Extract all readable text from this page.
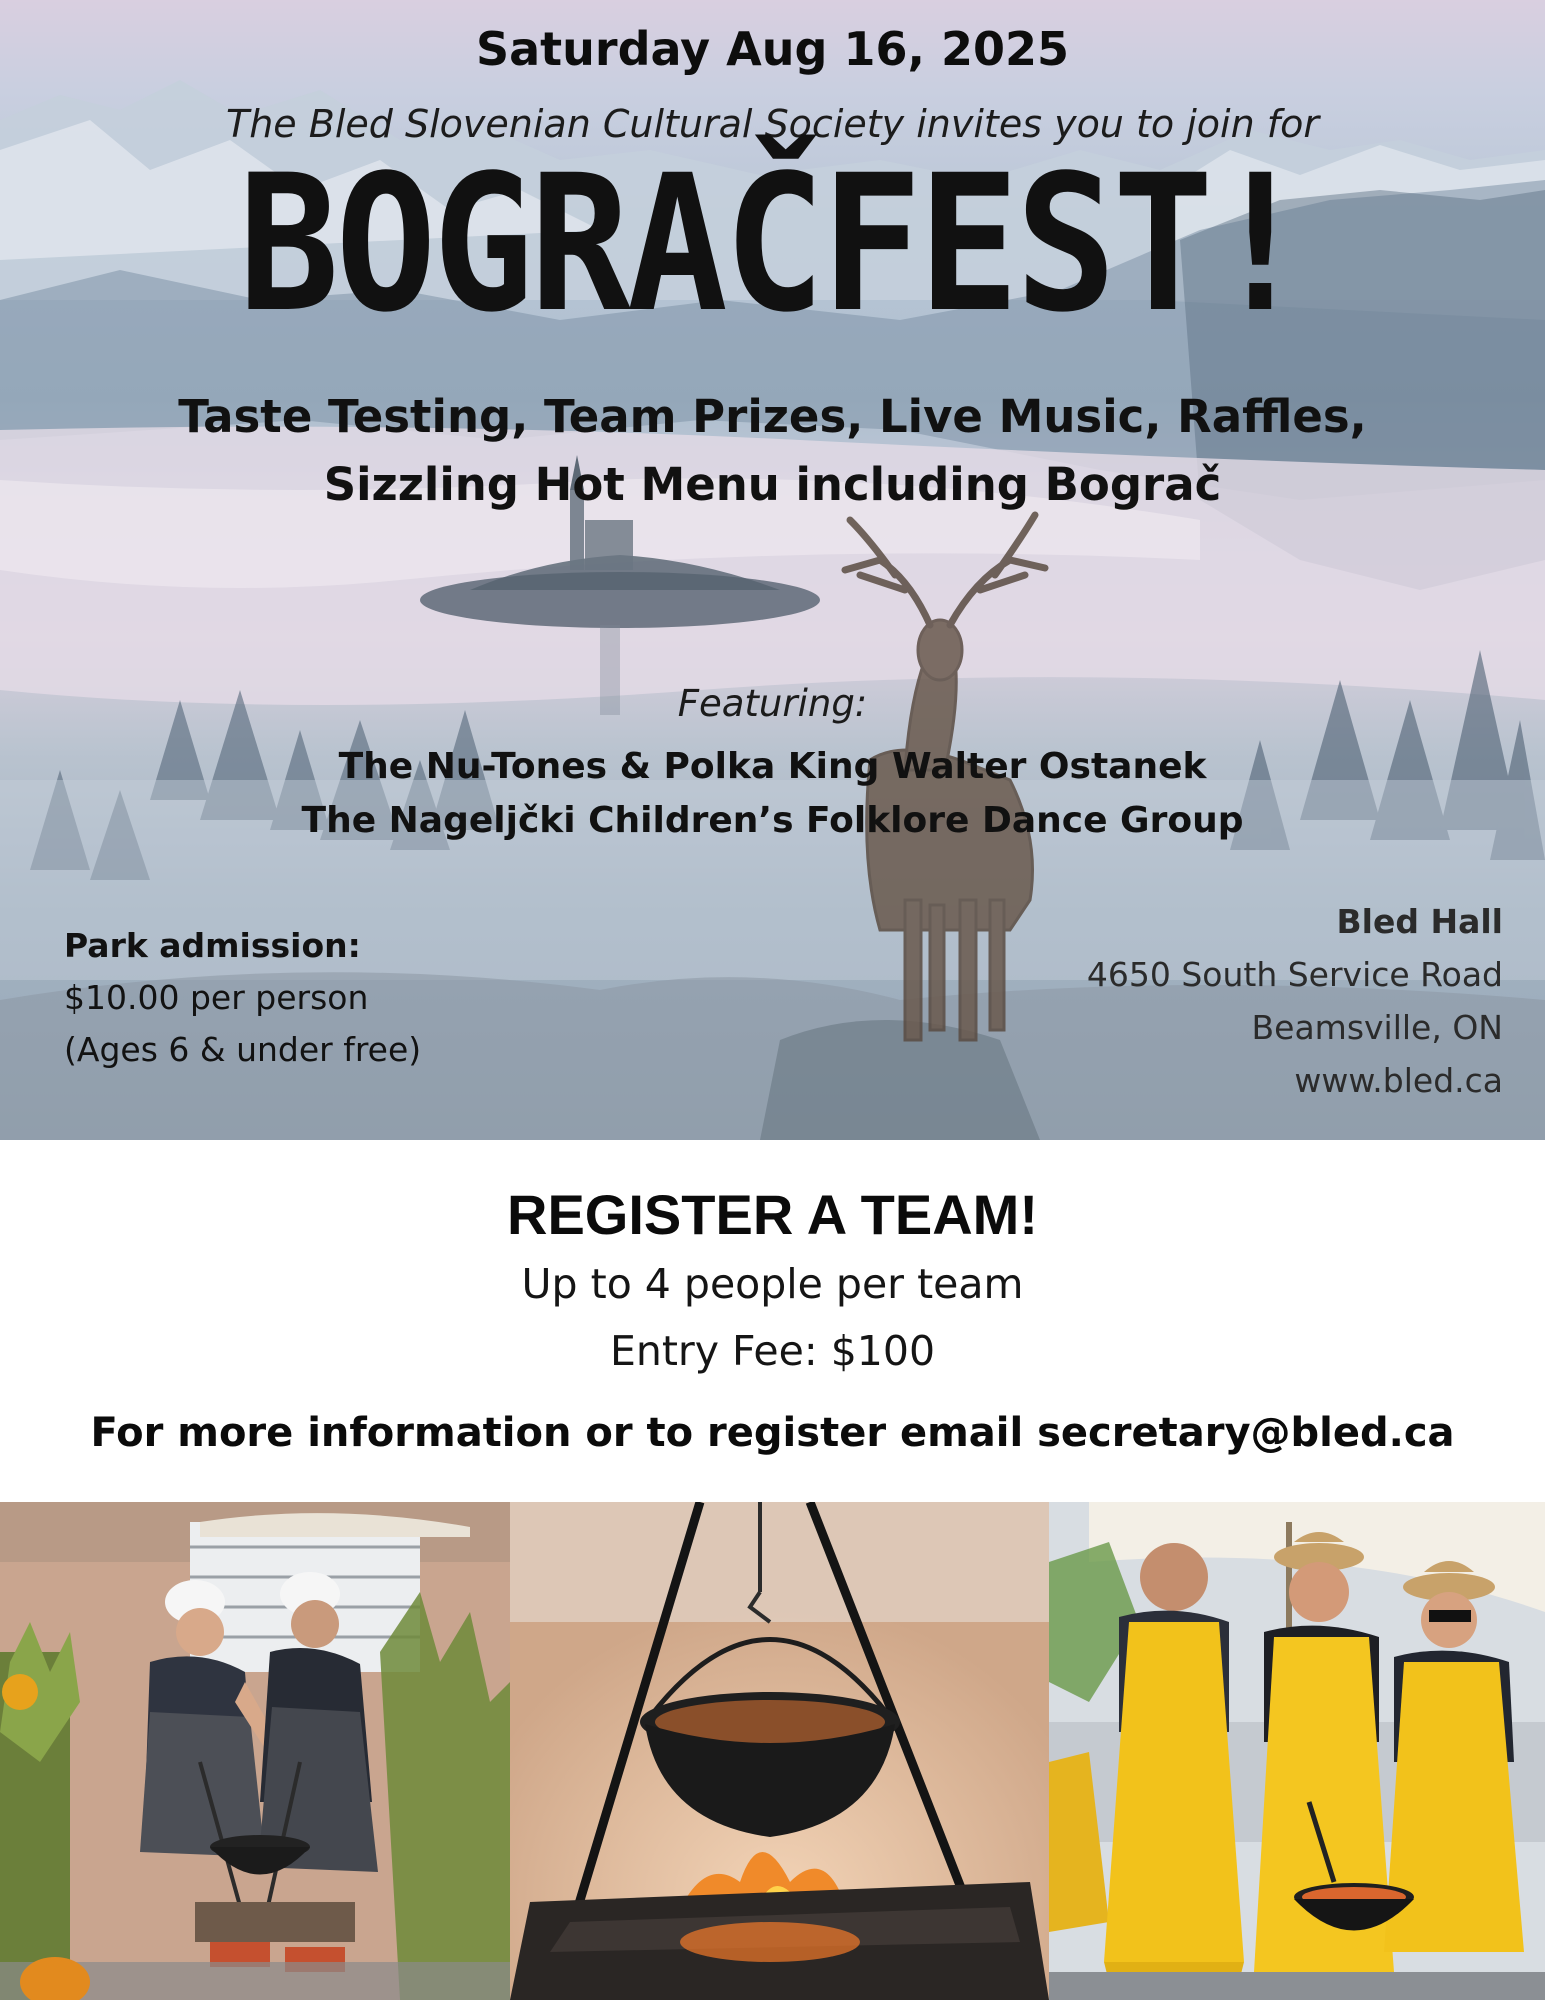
Saturday Aug 16, 2025
The Bled Slovenian Cultural Society invites you to join for
BOGRAČFEST!
Taste Testing, Team Prizes, Live Music, Raffles,
Sizzling Hot Menu including Bograč
Featuring:
The Nu-Tones & Polka King Walter Ostanek
The Nageljčki Children’s Folklore Dance Group
Park admission:
$10.00 per person
(Ages 6 & under free)
Bled Hall
4650 South Service Road
Beamsville, ON
www.bled.ca
REGISTER A TEAM!
Up to 4 people per team
Entry Fee: $100
For more information or to register email secretary@bled.ca
